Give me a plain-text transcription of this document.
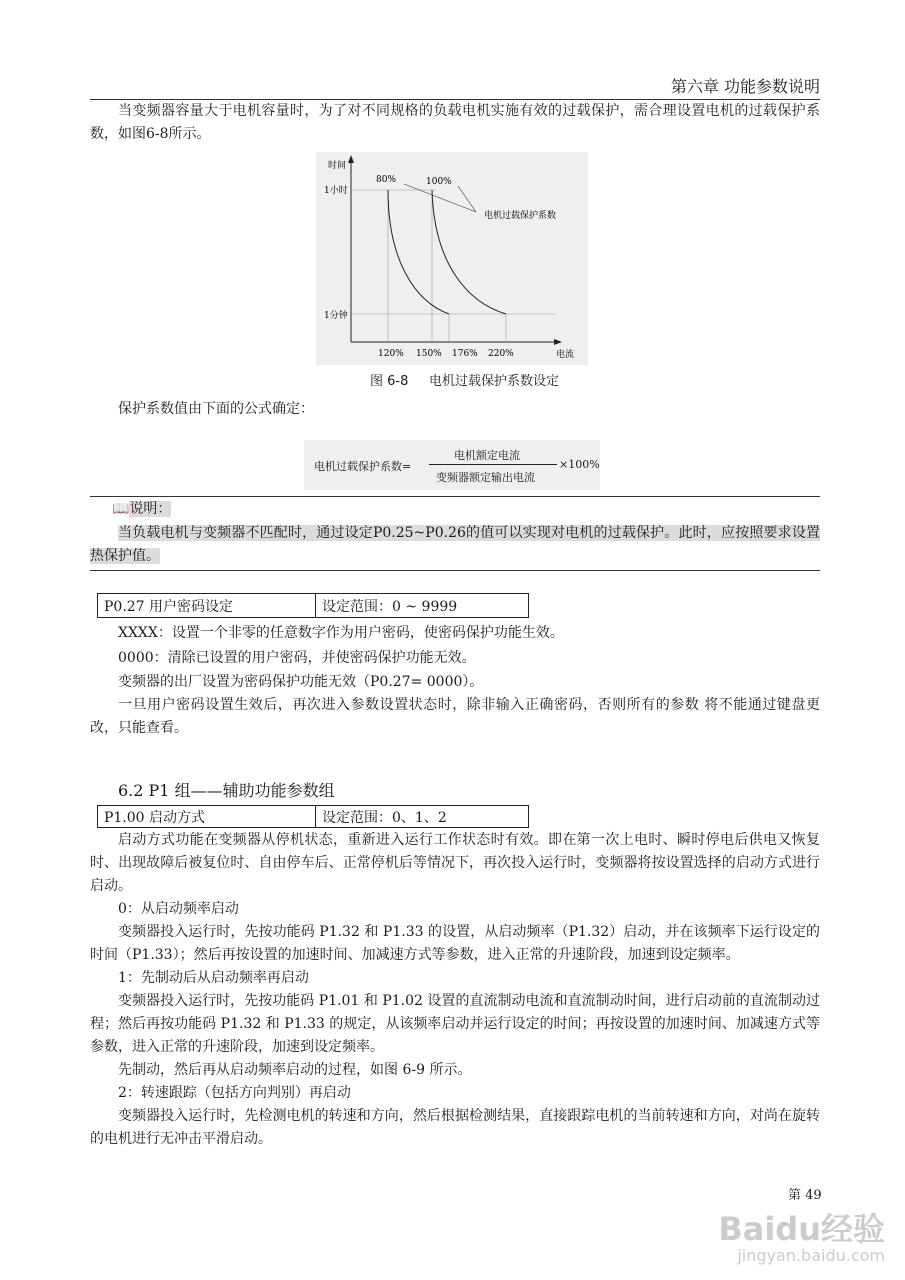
第六章 功能参数说明
当变频器容量大于电机容量时，为了对不同规格的负载电机实施有效的过载保护，需合理设置电机的过载保护系数，如图6-8所示。
时间
电流
1小时
1分钟
80%	100%
电机过载保护系数
120% 150% 176% 220%
图 6-8 电机过载保护系数设定
保护系数值由下面的公式确定：
电机过载保护系数=
电机额定电流
变频器额定输出电流
×100%
📖说明：
当负载电机与变频器不匹配时，通过设定P0.25~P0.26的值可以实现对电机的过载保护。此时，应按照要求设置热保护值。
P0.27 用户密码设定	设定范围：0 ~ 9999
XXXX：设置一个非零的任意数字作为用户密码，使密码保护功能生效。
0000：清除已设置的用户密码，并使密码保护功能无效。
变频器的出厂设置为密码保护功能无效（P0.27= 0000）。
一旦用户密码设置生效后，再次进入参数设置状态时，除非输入正确密码，否则所有的参数 将不能通过键盘更改，只能查看。
6.2 P1 组——辅助功能参数组
P1.00 启动方式	设定范围：0、1、2
启动方式功能在变频器从停机状态，重新进入运行工作状态时有效。即在第一次上电时、瞬时停电后供电又恢复时、出现故障后被复位时、自由停车后、正常停机后等情况下，再次投入运行时，变频器将按设置选择的启动方式进行启动。
0：从启动频率启动
变频器投入运行时，先按功能码 P1.32 和 P1.33 的设置，从启动频率（P1.32）启动，并在该频率下运行设定的时间（P1.33）；然后再按设置的加速时间、加减速方式等参数，进入正常的升速阶段，加速到设定频率。
1：先制动后从启动频率再启动
变频器投入运行时，先按功能码 P1.01 和 P1.02 设置的直流制动电流和直流制动时间，进行启动前的直流制动过程；然后再按功能码 P1.32 和 P1.33 的规定，从该频率启动并运行设定的时间；再按设置的加速时间、加减速方式等参数，进入正常的升速阶段，加速到设定频率。
先制动，然后再从启动频率启动的过程，如图 6-9 所示。
2：转速跟踪（包括方向判别）再启动
变频器投入运行时，先检测电机的转速和方向，然后根据检测结果，直接跟踪电机的当前转速和方向，对尚在旋转的电机进行无冲击平滑启动。
第 49
Baidu经验
jingyan.baidu.com
